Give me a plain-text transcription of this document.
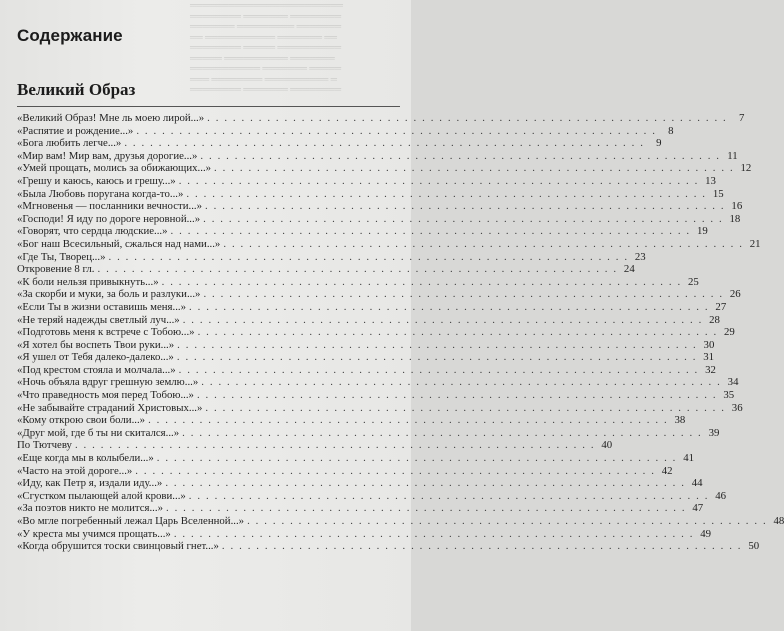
════════════════════════
════════ ═══════ ════════
═══════ ═════════ ═══════
══ ═══════════ ═══════ ══
════════ ═════ ══════════
═════ ══════════ ═══════
═══════════ ═══════ ═════
═══ ════════ ══════════ ═
════════ ═══════ ════════
Содержание
Великий Образ
«Великий Образ! Мне ль моею лирой...» . . . . . . . . . . . . . . . . . . . . . . . . . . . . . . . . . . . . . . . . . . . . . . . . . . . . . . . . . . . . .	7
«Распятие и рождение...» . . . . . . . . . . . . . . . . . . . . . . . . . . . . . . . . . . . . . . . . . . . . . . . . . . . . . . . . . . . . .	8
«Бога любить легче...» . . . . . . . . . . . . . . . . . . . . . . . . . . . . . . . . . . . . . . . . . . . . . . . . . . . . . . . . . . . . .	9
«Мир вам! Мир вам, друзья дорогие...» . . . . . . . . . . . . . . . . . . . . . . . . . . . . . . . . . . . . . . . . . . . . . . . . . . . . . . . . . . . . . 11
«Умей прощать, молись за обижающих...» . . . . . . . . . . . . . . . . . . . . . . . . . . . . . . . . . . . . . . . . . . . . . . . . . . . . . . . . . . . . . 12
«Грешу и каюсь, каюсь и грешу...» . . . . . . . . . . . . . . . . . . . . . . . . . . . . . . . . . . . . . . . . . . . . . . . . . . . . . . . . . . . . . 13
«Была Любовь поругана когда-то...» . . . . . . . . . . . . . . . . . . . . . . . . . . . . . . . . . . . . . . . . . . . . . . . . . . . . . . . . . . . . . 15
«Мгновенья — посланники вечности...» . . . . . . . . . . . . . . . . . . . . . . . . . . . . . . . . . . . . . . . . . . . . . . . . . . . . . . . . . . . . . 16
«Господи! Я иду по дороге неровной...» . . . . . . . . . . . . . . . . . . . . . . . . . . . . . . . . . . . . . . . . . . . . . . . . . . . . . . . . . . . . . 18
«Говорят, что сердца людские...» . . . . . . . . . . . . . . . . . . . . . . . . . . . . . . . . . . . . . . . . . . . . . . . . . . . . . . . . . . . . . 19
«Бог наш Всесильный, сжалься над нами...» . . . . . . . . . . . . . . . . . . . . . . . . . . . . . . . . . . . . . . . . . . . . . . . . . . . . . . . . . . . . . 21
«Где Ты, Творец...» . . . . . . . . . . . . . . . . . . . . . . . . . . . . . . . . . . . . . . . . . . . . . . . . . . . . . . . . . . . . . 23
Откровение 8 гл. . . . . . . . . . . . . . . . . . . . . . . . . . . . . . . . . . . . . . . . . . . . . . . . . . . . . . . . . . . . . . 24
«К боли нельзя привыкнуть...» . . . . . . . . . . . . . . . . . . . . . . . . . . . . . . . . . . . . . . . . . . . . . . . . . . . . . . . . . . . . . 25
«За скорби и муки, за боль и разлуки...» . . . . . . . . . . . . . . . . . . . . . . . . . . . . . . . . . . . . . . . . . . . . . . . . . . . . . . . . . . . . . 26
«Если Ты в жизни оставишь меня...» . . . . . . . . . . . . . . . . . . . . . . . . . . . . . . . . . . . . . . . . . . . . . . . . . . . . . . . . . . . . . 27
«Не теряй надежды светлый луч...» . . . . . . . . . . . . . . . . . . . . . . . . . . . . . . . . . . . . . . . . . . . . . . . . . . . . . . . . . . . . . 28
«Подготовь меня к встрече с Тобою...» . . . . . . . . . . . . . . . . . . . . . . . . . . . . . . . . . . . . . . . . . . . . . . . . . . . . . . . . . . . . . 29
«Я хотел бы воспеть Твои руки...» . . . . . . . . . . . . . . . . . . . . . . . . . . . . . . . . . . . . . . . . . . . . . . . . . . . . . . . . . . . . . 30
«Я ушел от Тебя далеко-далеко...» . . . . . . . . . . . . . . . . . . . . . . . . . . . . . . . . . . . . . . . . . . . . . . . . . . . . . . . . . . . . . 31
«Под крестом стояла и молчала...» . . . . . . . . . . . . . . . . . . . . . . . . . . . . . . . . . . . . . . . . . . . . . . . . . . . . . . . . . . . . . 32
«Ночь объяла вдруг грешную землю...» . . . . . . . . . . . . . . . . . . . . . . . . . . . . . . . . . . . . . . . . . . . . . . . . . . . . . . . . . . . . . 34
«Что праведность моя перед Тобою...» . . . . . . . . . . . . . . . . . . . . . . . . . . . . . . . . . . . . . . . . . . . . . . . . . . . . . . . . . . . . . 35
«Не забывайте страданий Христовых...» . . . . . . . . . . . . . . . . . . . . . . . . . . . . . . . . . . . . . . . . . . . . . . . . . . . . . . . . . . . . . 36
«Кому открою свои боли...» . . . . . . . . . . . . . . . . . . . . . . . . . . . . . . . . . . . . . . . . . . . . . . . . . . . . . . . . . . . . . 38
«Друг мой, где б ты ни скитался...» . . . . . . . . . . . . . . . . . . . . . . . . . . . . . . . . . . . . . . . . . . . . . . . . . . . . . . . . . . . . . 39
По Тютчеву . . . . . . . . . . . . . . . . . . . . . . . . . . . . . . . . . . . . . . . . . . . . . . . . . . . . . . . . . . . . . 40
«Еще когда мы в колыбели...» . . . . . . . . . . . . . . . . . . . . . . . . . . . . . . . . . . . . . . . . . . . . . . . . . . . . . . . . . . . . . 41
«Часто на этой дороге...» . . . . . . . . . . . . . . . . . . . . . . . . . . . . . . . . . . . . . . . . . . . . . . . . . . . . . . . . . . . . . 42
«Иду, как Петр я, издали иду...» . . . . . . . . . . . . . . . . . . . . . . . . . . . . . . . . . . . . . . . . . . . . . . . . . . . . . . . . . . . . . 44
«Сгустком пылающей алой крови...» . . . . . . . . . . . . . . . . . . . . . . . . . . . . . . . . . . . . . . . . . . . . . . . . . . . . . . . . . . . . . 46
«За поэтов никто не молится...» . . . . . . . . . . . . . . . . . . . . . . . . . . . . . . . . . . . . . . . . . . . . . . . . . . . . . . . . . . . . . 47
«Во мгле погребенный лежал Царь Вселенной...» . . . . . . . . . . . . . . . . . . . . . . . . . . . . . . . . . . . . . . . . . . . . . . . . . . . . . . . . . . . . . 48
«У креста мы учимся прощать...» . . . . . . . . . . . . . . . . . . . . . . . . . . . . . . . . . . . . . . . . . . . . . . . . . . . . . . . . . . . . . 49
«Когда обрушится тоски свинцовый гнет...» . . . . . . . . . . . . . . . . . . . . . . . . . . . . . . . . . . . . . . . . . . . . . . . . . . . . . . . . . . . . . 50
